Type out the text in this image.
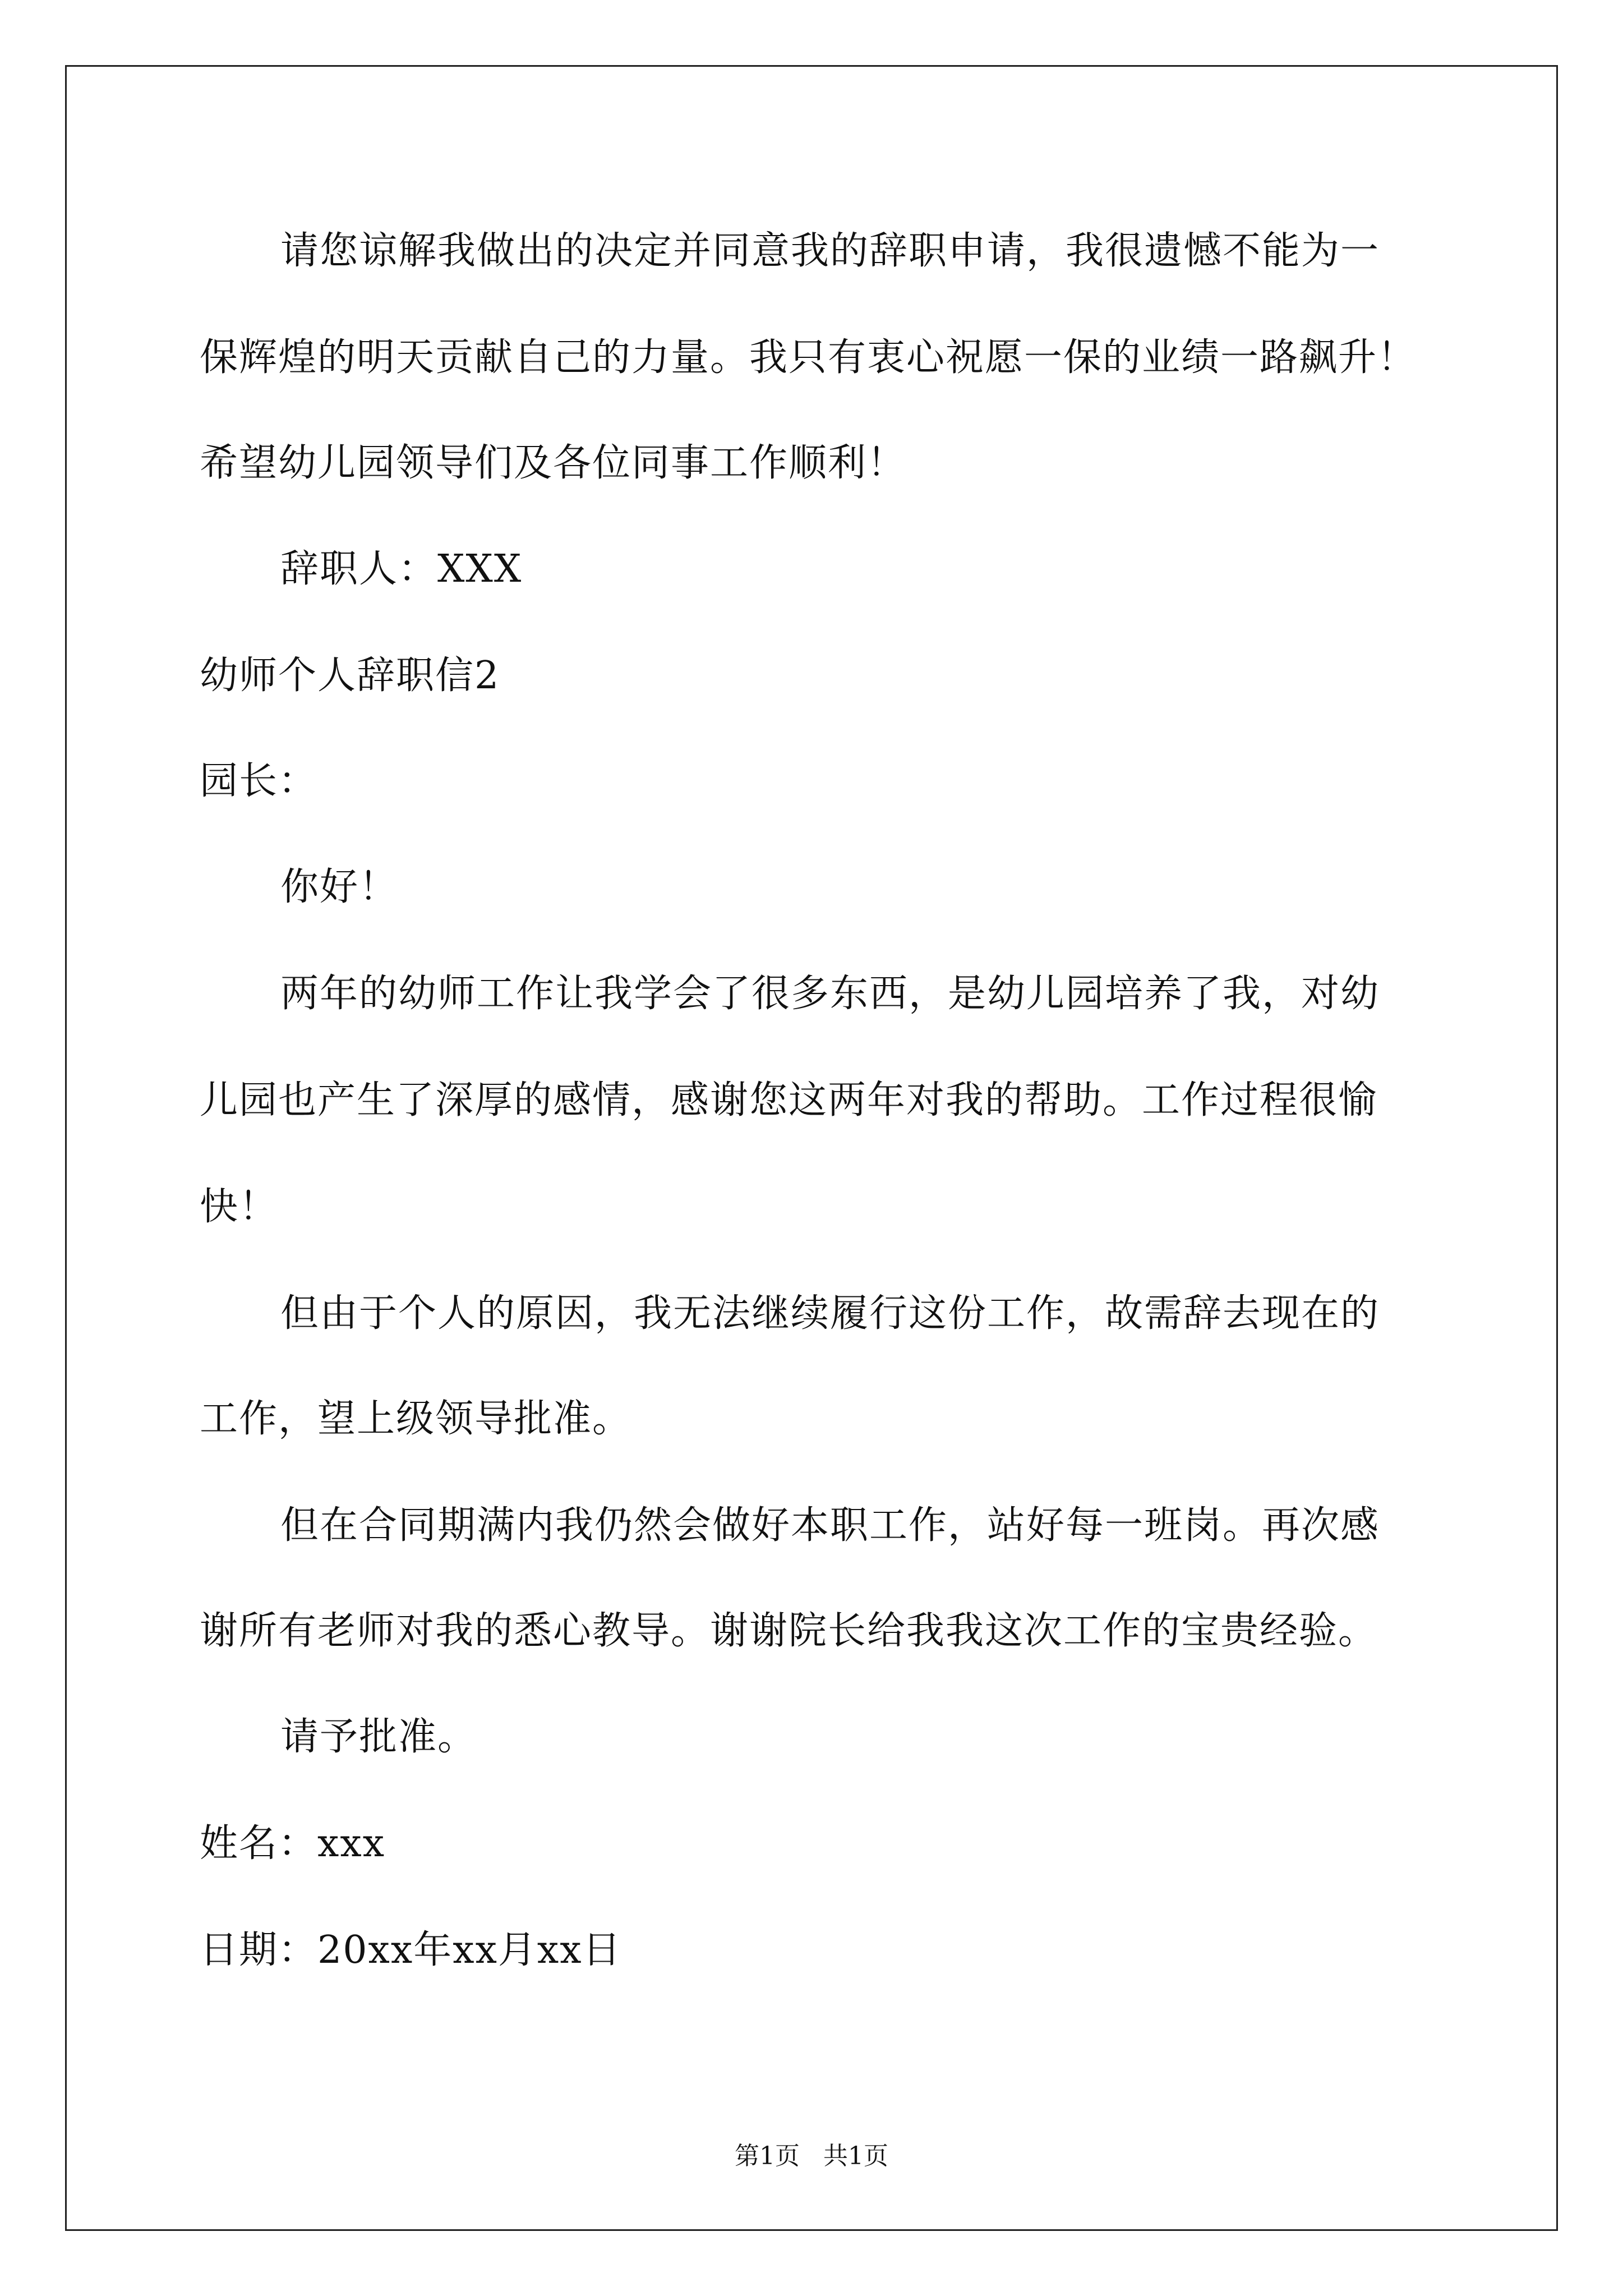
请您谅解我做出的决定并同意我的辞职申请，我很遗憾不能为一
保辉煌的明天贡献自己的力量。我只有衷心祝愿一保的业绩一路飙升！
希望幼儿园领导们及各位同事工作顺利！
辞职人：XXX
幼师个人辞职信2
园长：
你好！
两年的幼师工作让我学会了很多东西，是幼儿园培养了我，对幼
儿园也产生了深厚的感情，感谢您这两年对我的帮助。工作过程很愉
快！
但由于个人的原因，我无法继续履行这份工作，故需辞去现在的
工作，望上级领导批准。
但在合同期满内我仍然会做好本职工作，站好每一班岗。再次感
谢所有老师对我的悉心教导。谢谢院长给我我这次工作的宝贵经验。
请予批准。
姓名：xxx
日期：20xx年xx月xx日
第1页   共1页
